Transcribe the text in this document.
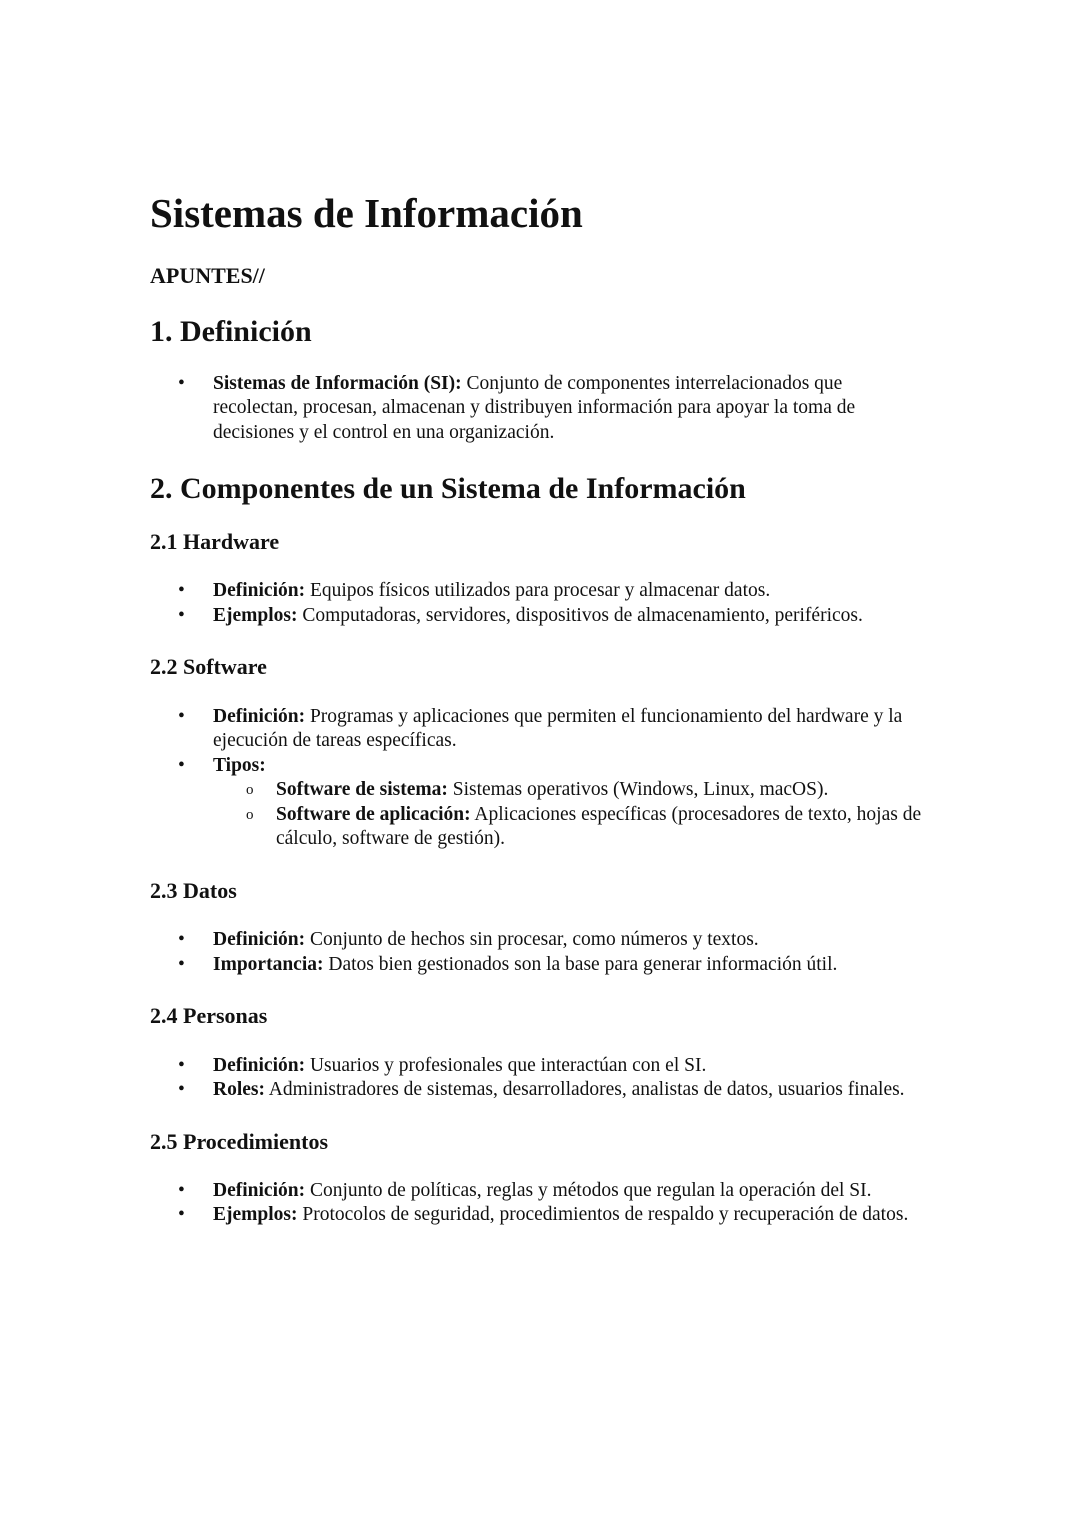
Sistemas de Información
APUNTES//
1. Definición
• Sistemas de Información (SI): Conjunto de componentes interrelacionados que recolectan, procesan, almacenan y distribuyen información para apoyar la toma de decisiones y el control en una organización.
2. Componentes de un Sistema de Información
2.1 Hardware
• Definición: Equipos físicos utilizados para procesar y almacenar datos.
• Ejemplos: Computadoras, servidores, dispositivos de almacenamiento, periféricos.
2.2 Software
• Definición: Programas y aplicaciones que permiten el funcionamiento del hardware y la ejecución de tareas específicas.
• Tipos:
o Software de sistema: Sistemas operativos (Windows, Linux, macOS).
o Software de aplicación: Aplicaciones específicas (procesadores de texto, hojas de cálculo, software de gestión).
2.3 Datos
• Definición: Conjunto de hechos sin procesar, como números y textos.
• Importancia: Datos bien gestionados son la base para generar información útil.
2.4 Personas
• Definición: Usuarios y profesionales que interactúan con el SI.
• Roles: Administradores de sistemas, desarrolladores, analistas de datos, usuarios finales.
2.5 Procedimientos
• Definición: Conjunto de políticas, reglas y métodos que regulan la operación del SI.
• Ejemplos: Protocolos de seguridad, procedimientos de respaldo y recuperación de datos.
